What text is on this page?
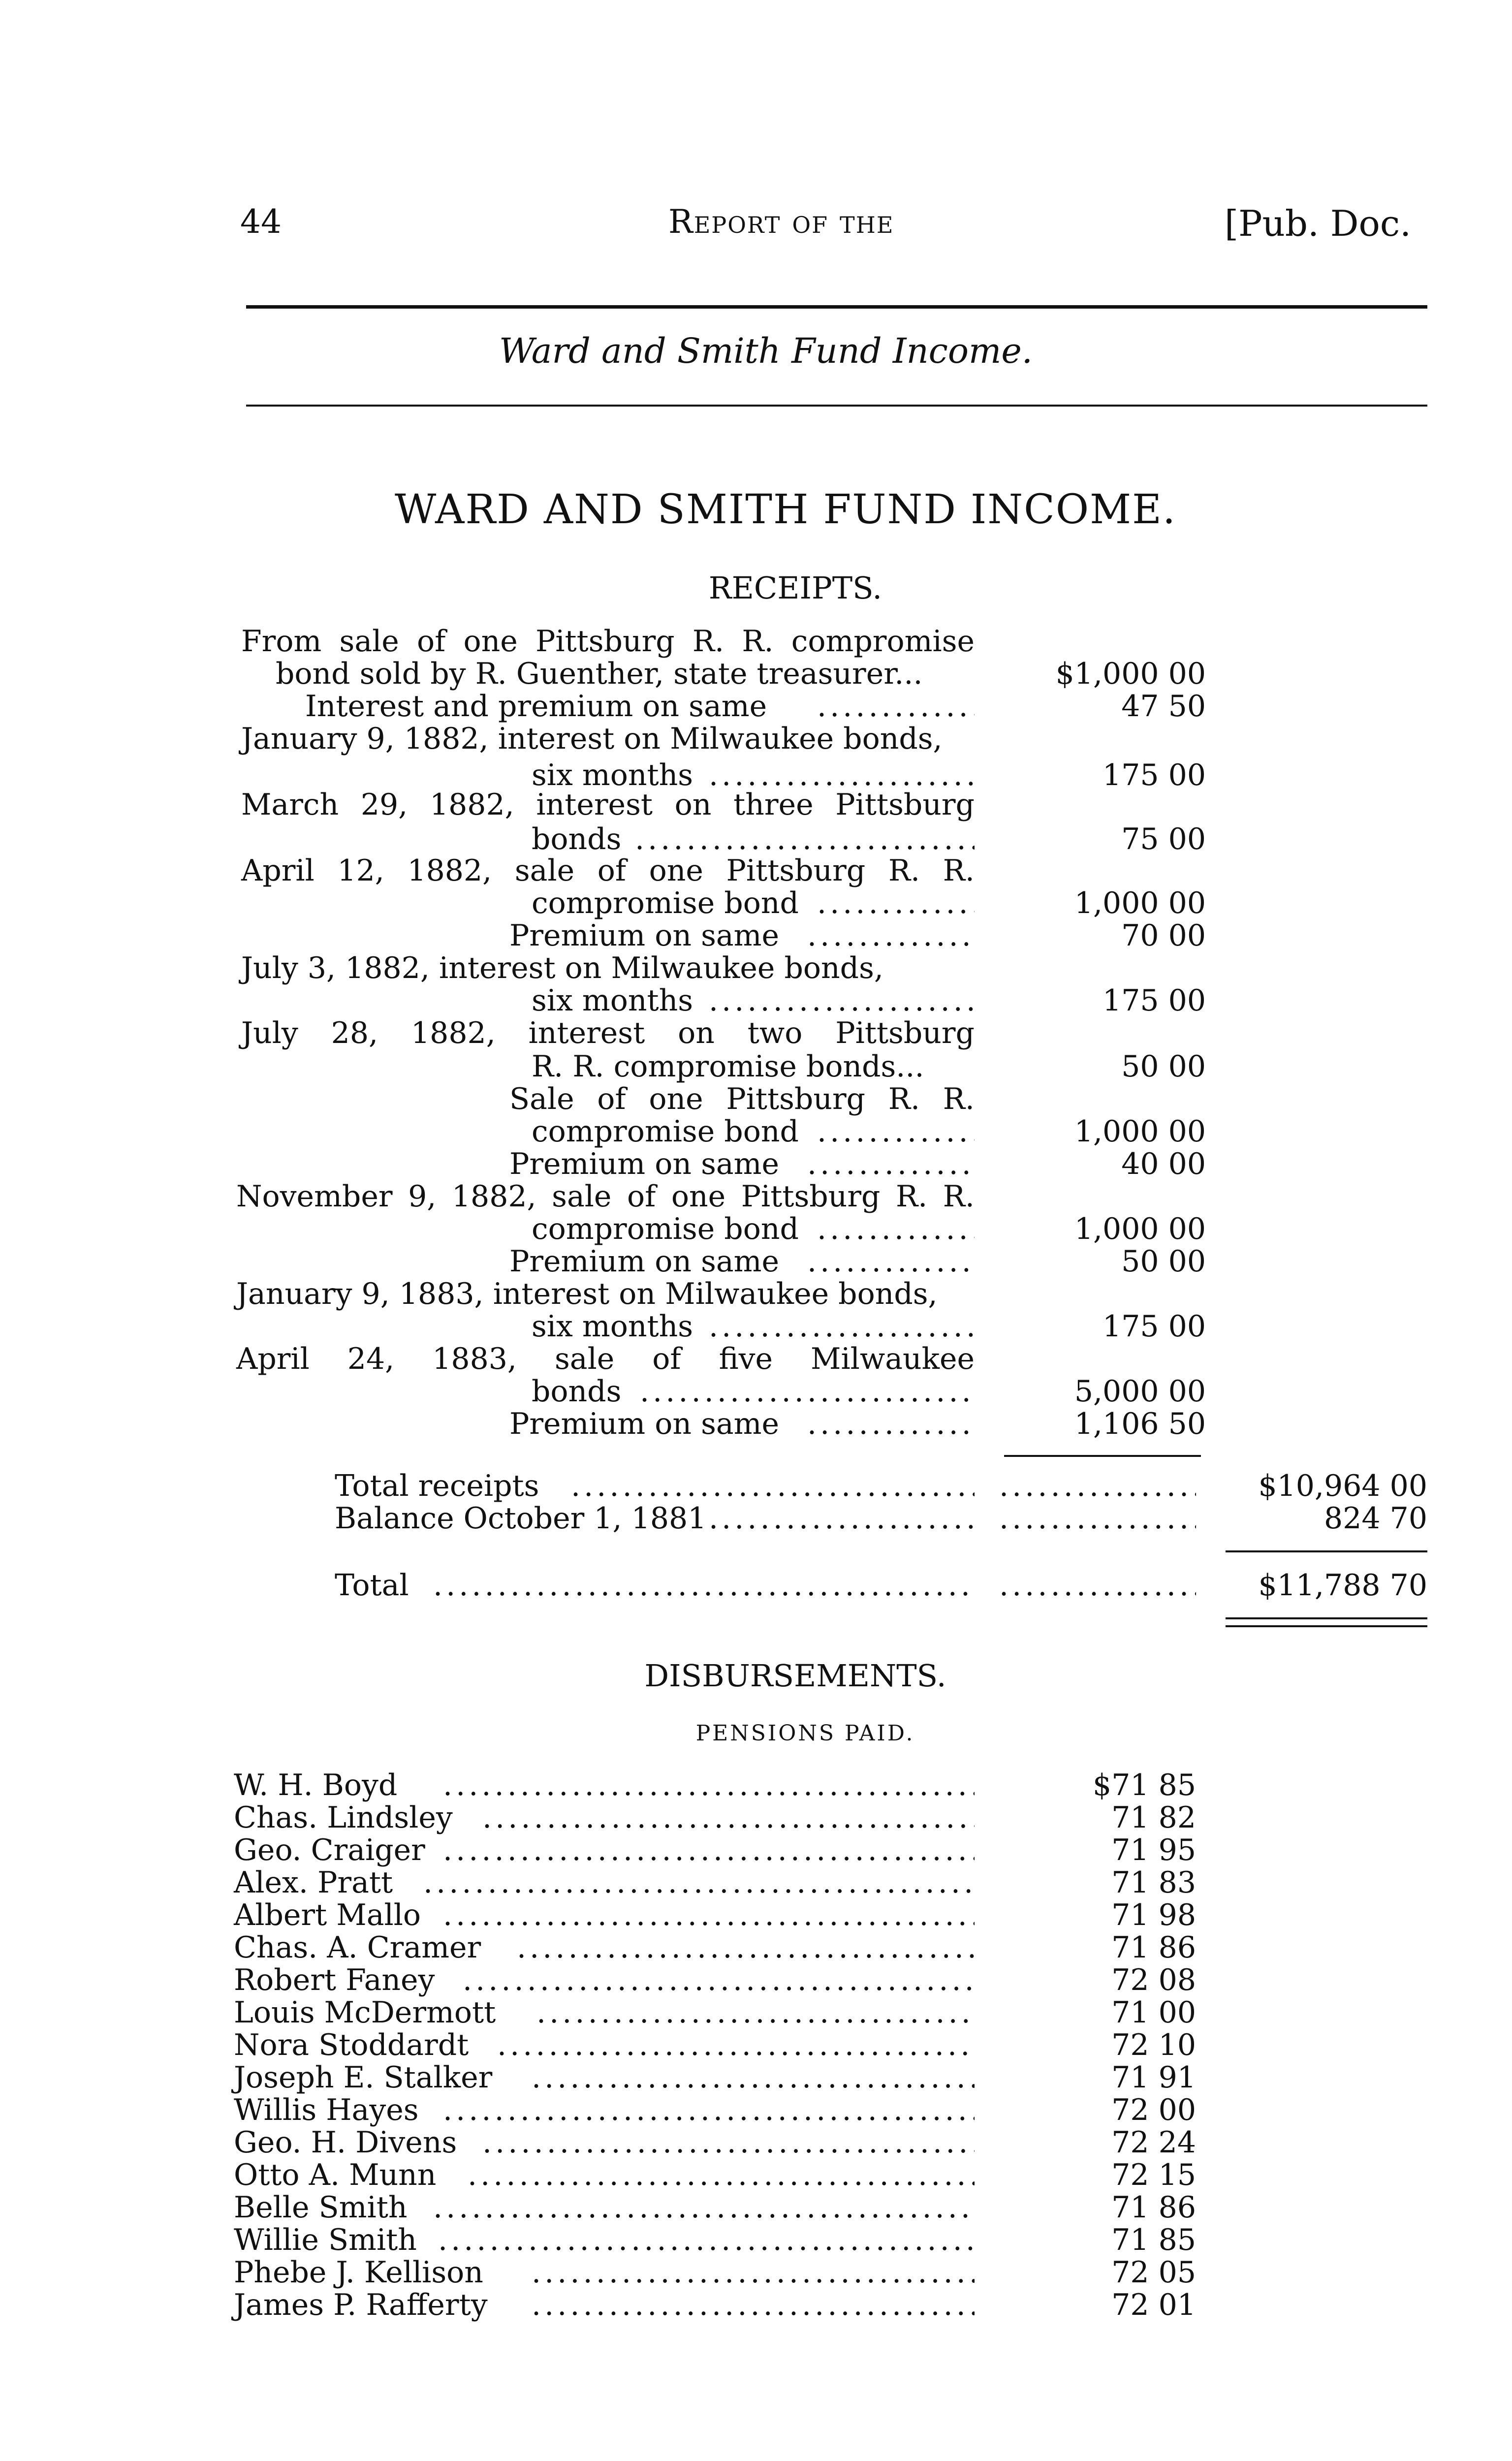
44	Report of the	[Pub. Doc.
Ward and Smith Fund Income.
WARD AND SMITH FUND INCOME.
RECEIPTS.
From sale of one Pittsburg R. R. compromise
bond sold by R. Guenther, state treasurer...	$1,000 00
Interest and premium on same . . .	47 50
January 9, 1882, interest on Milwaukee bonds,
six months . . .	175 00
March 29, 1882, interest on three Pittsburg
bonds . . .	75 00
April 12, 1882, sale of one Pittsburg R. R.
compromise bond . . .	1,000 00
Premium on same . . .	70 00
July 3, 1882, interest on Milwaukee bonds,
six months . . .	175 00
July 28, 1882, interest on two Pittsburg
R. R. compromise bonds...	50 00
Sale of one Pittsburg R. R.
compromise bond . . .	1,000 00
Premium on same . . .	40 00
November 9, 1882, sale of one Pittsburg R. R.
compromise bond . . .	1,000 00
Premium on same . . .	50 00
January 9, 1883, interest on Milwaukee bonds,
six months . . .	175 00
April 24, 1883, sale of five Milwaukee
bonds . . .	5,000 00
Premium on same . . .	1,106 50
Total receipts . . . . . .	$10,964 00
Balance October 1, 1881 . . . . . .	824 70
Total . . . . . .	$11,788 70
DISBURSEMENTS.
PENSIONS PAID.
W. H. Boyd . . .	$71 85
Chas. Lindsley . . .	71 82
Geo. Craiger . . .	71 95
Alex. Pratt . . .	71 83
Albert Mallo . . .	71 98
Chas. A. Cramer . . .	71 86
Robert Faney . . .	72 08
Louis McDermott . . .	71 00
Nora Stoddardt . . .	72 10
Joseph E. Stalker . . .	71 91
Willis Hayes . . .	72 00
Geo. H. Divens . . .	72 24
Otto A. Munn . . .	72 15
Belle Smith . . .	71 86
Willie Smith . . .	71 85
Phebe J. Kellison . . .	72 05
James P. Rafferty . . .	72 01
